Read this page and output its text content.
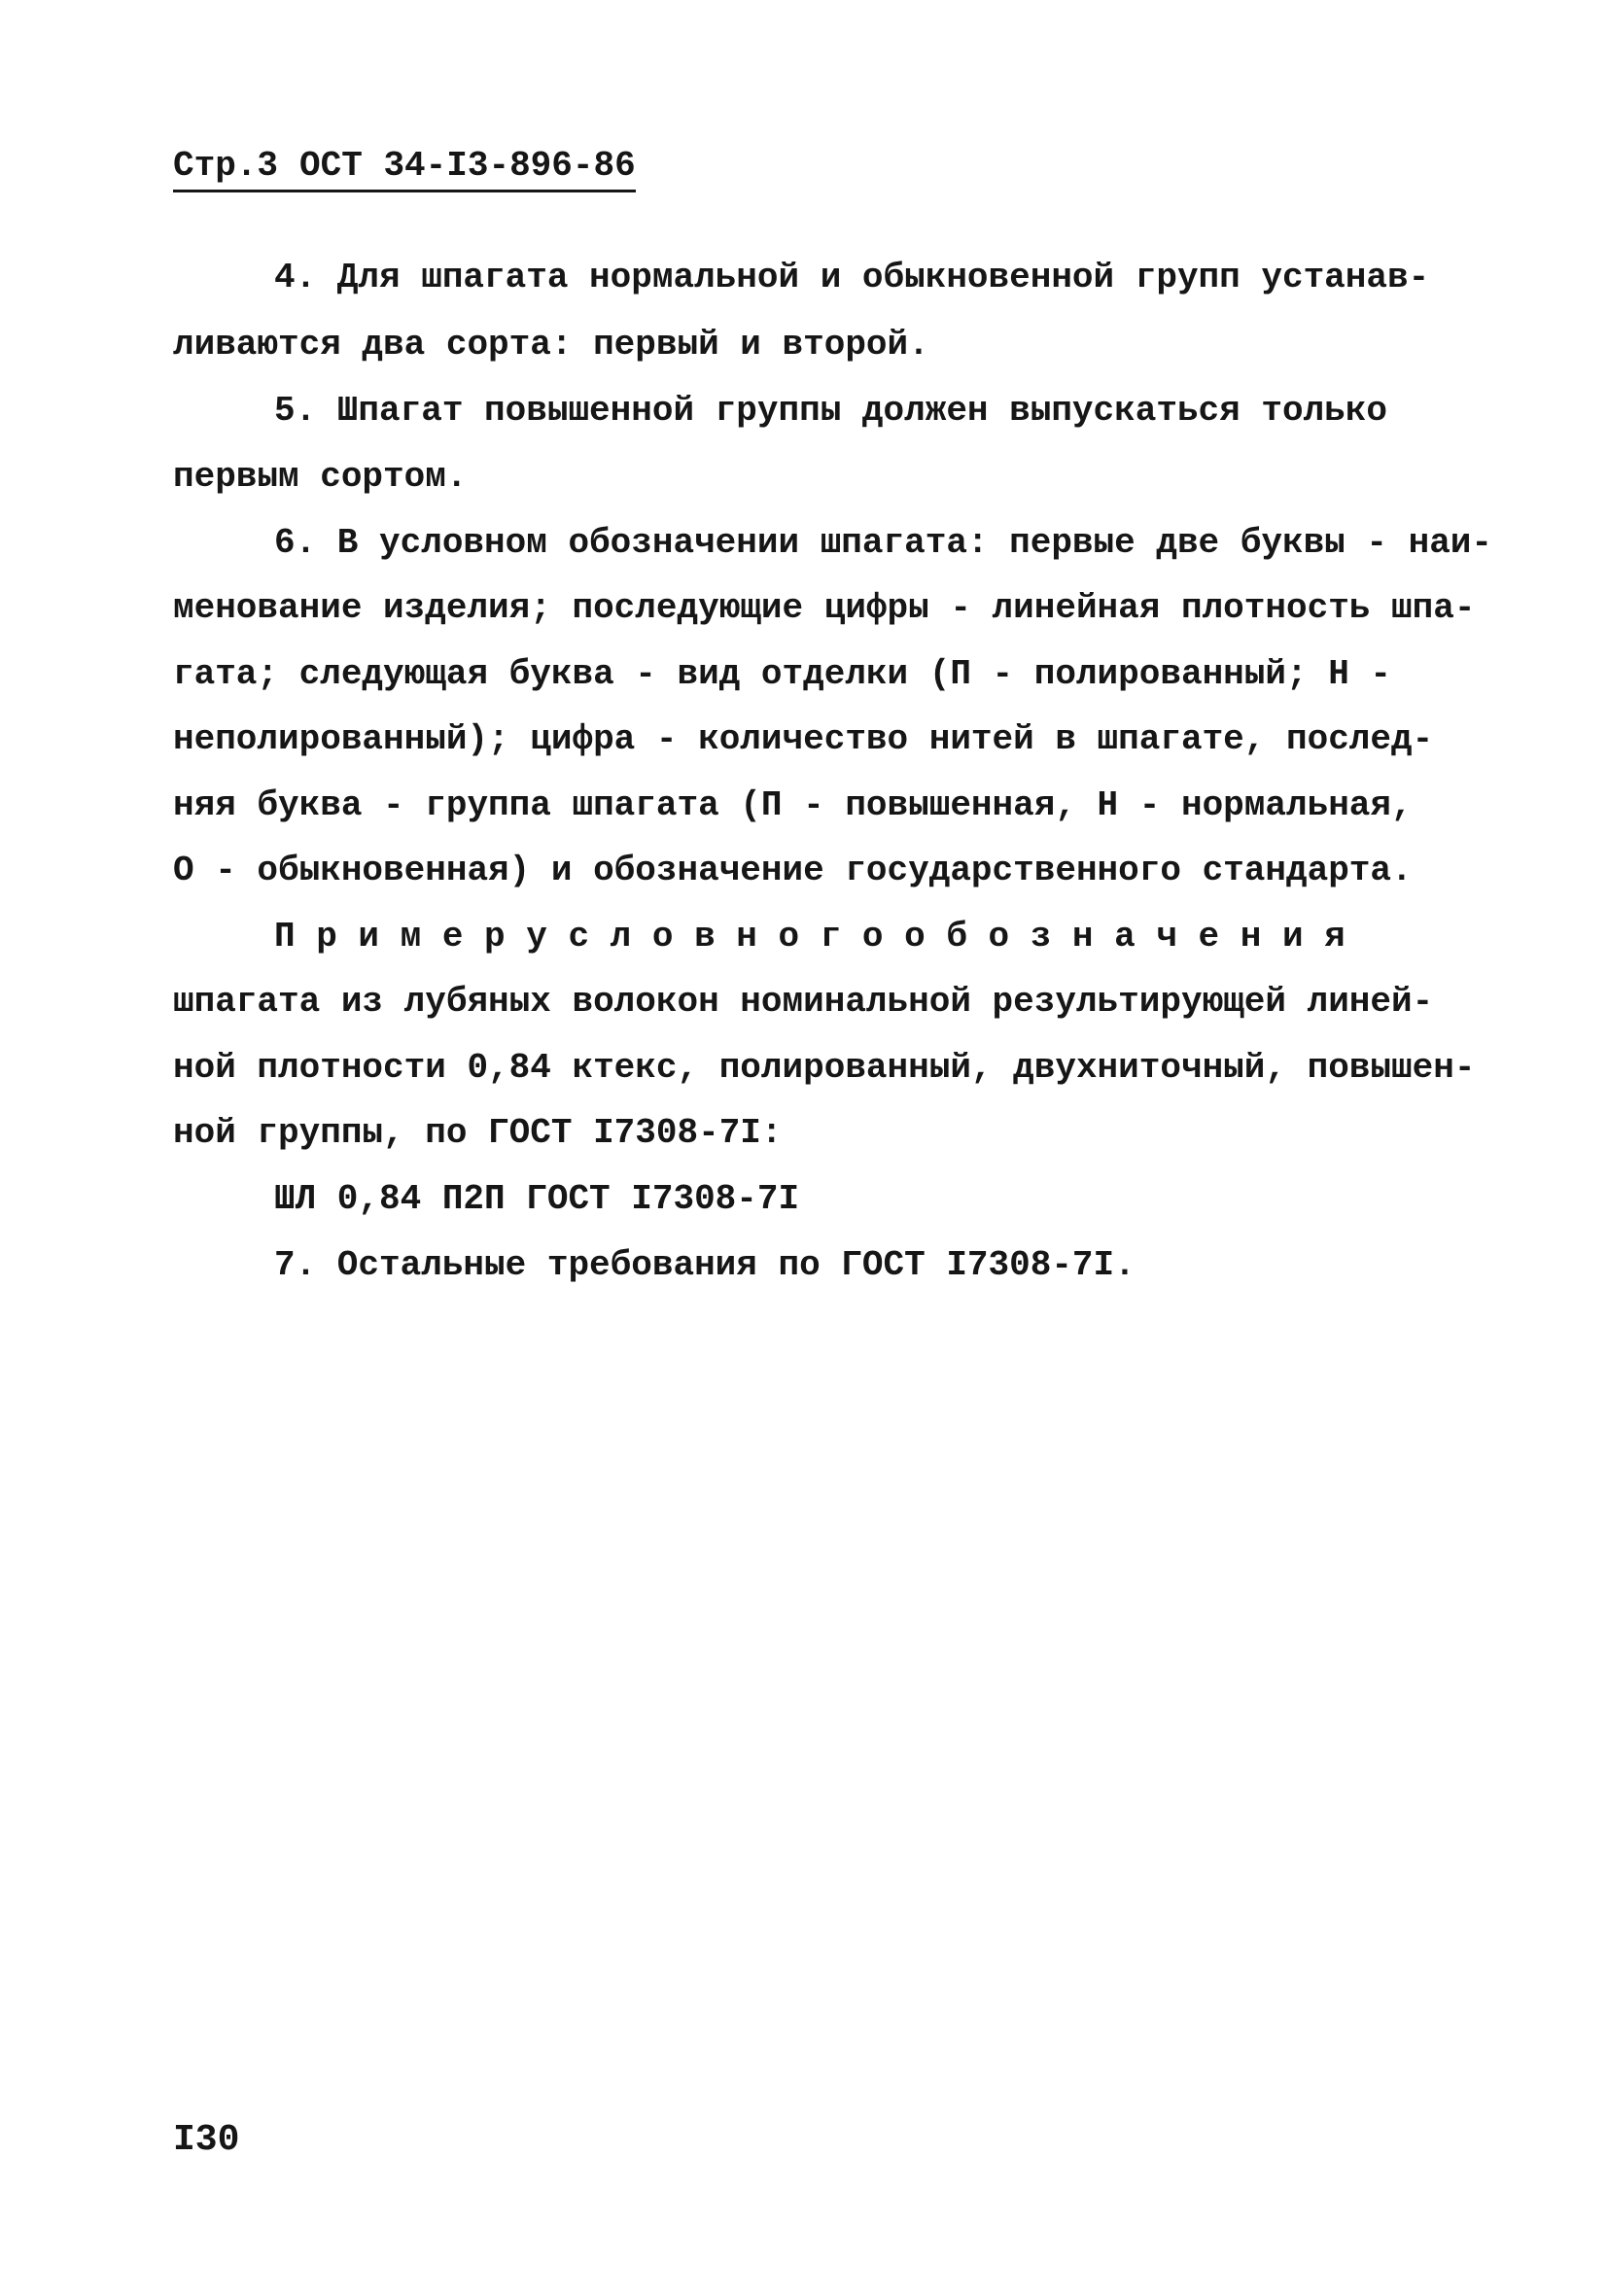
Стр.3 ОСТ 34-I3-896-86
4. Для шпагата нормальной и обыкновенной групп устанав-
ливаются два сорта: первый и второй.
5. Шпагат повышенной группы должен выпускаться только
первым сортом.
6. В условном обозначении шпагата: первые две буквы - наи-
менование изделия; последующие цифры - линейная плотность шпа-
гата; следующая буква - вид отделки (П - полированный; Н -
неполированный); цифра - количество нитей в шпагате, послед-
няя буква - группа шпагата (П - повышенная, Н - нормальная,
О - обыкновенная) и обозначение государственного стандарта.
П р и м е р у с л о в н о г о о б о з н а ч е н и я
шпагата из лубяных волокон номинальной результирующей линей-
ной плотности 0,84 ктекс, полированный, двухниточный, повышен-
ной группы, по ГОСТ I7308-7I:
ШЛ 0,84 П2П ГОСТ I7308-7I
7. Остальные требования по ГОСТ I7308-7I.
I30
